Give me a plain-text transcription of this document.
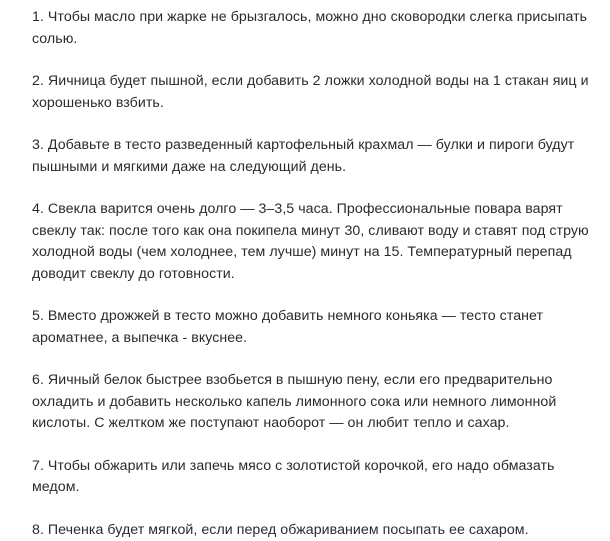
1. Чтобы масло при жарке не брызгалось, можно дно сковородки слегка присыпать солью.
2. Яичница будет пышной, если добавить 2 ложки холодной воды на 1 стакан яиц и хорошенько взбить.
3. Добавьте в тесто разведенный картофельный крахмал — булки и пироги будут пышными и мягкими даже на следующий день.
4. Свекла варится очень долго — 3–3,5 часа. Профессиональные повара варят свеклу так: после того как она покипела минут 30, сливают воду и ставят под струю холодной воды (чем холоднее, тем лучше) минут на 15. Температурный перепад доводит свеклу до готовности.
5. Вместо дрожжей в тесто можно добавить немного коньяка — тесто станет ароматнее, а выпечка - вкуснее.
6. Яичный белок быстрее взобьется в пышную пену, если его предварительно охладить и добавить несколько капель лимонного сока или немного лимонной кислоты. С желтком же поступают наоборот — он любит тепло и сахар.
7. Чтобы обжарить или запечь мясо с золотистой корочкой, его надо обмазать медом.
8. Печенка будет мягкой, если перед обжариванием посыпать ее сахаром.
